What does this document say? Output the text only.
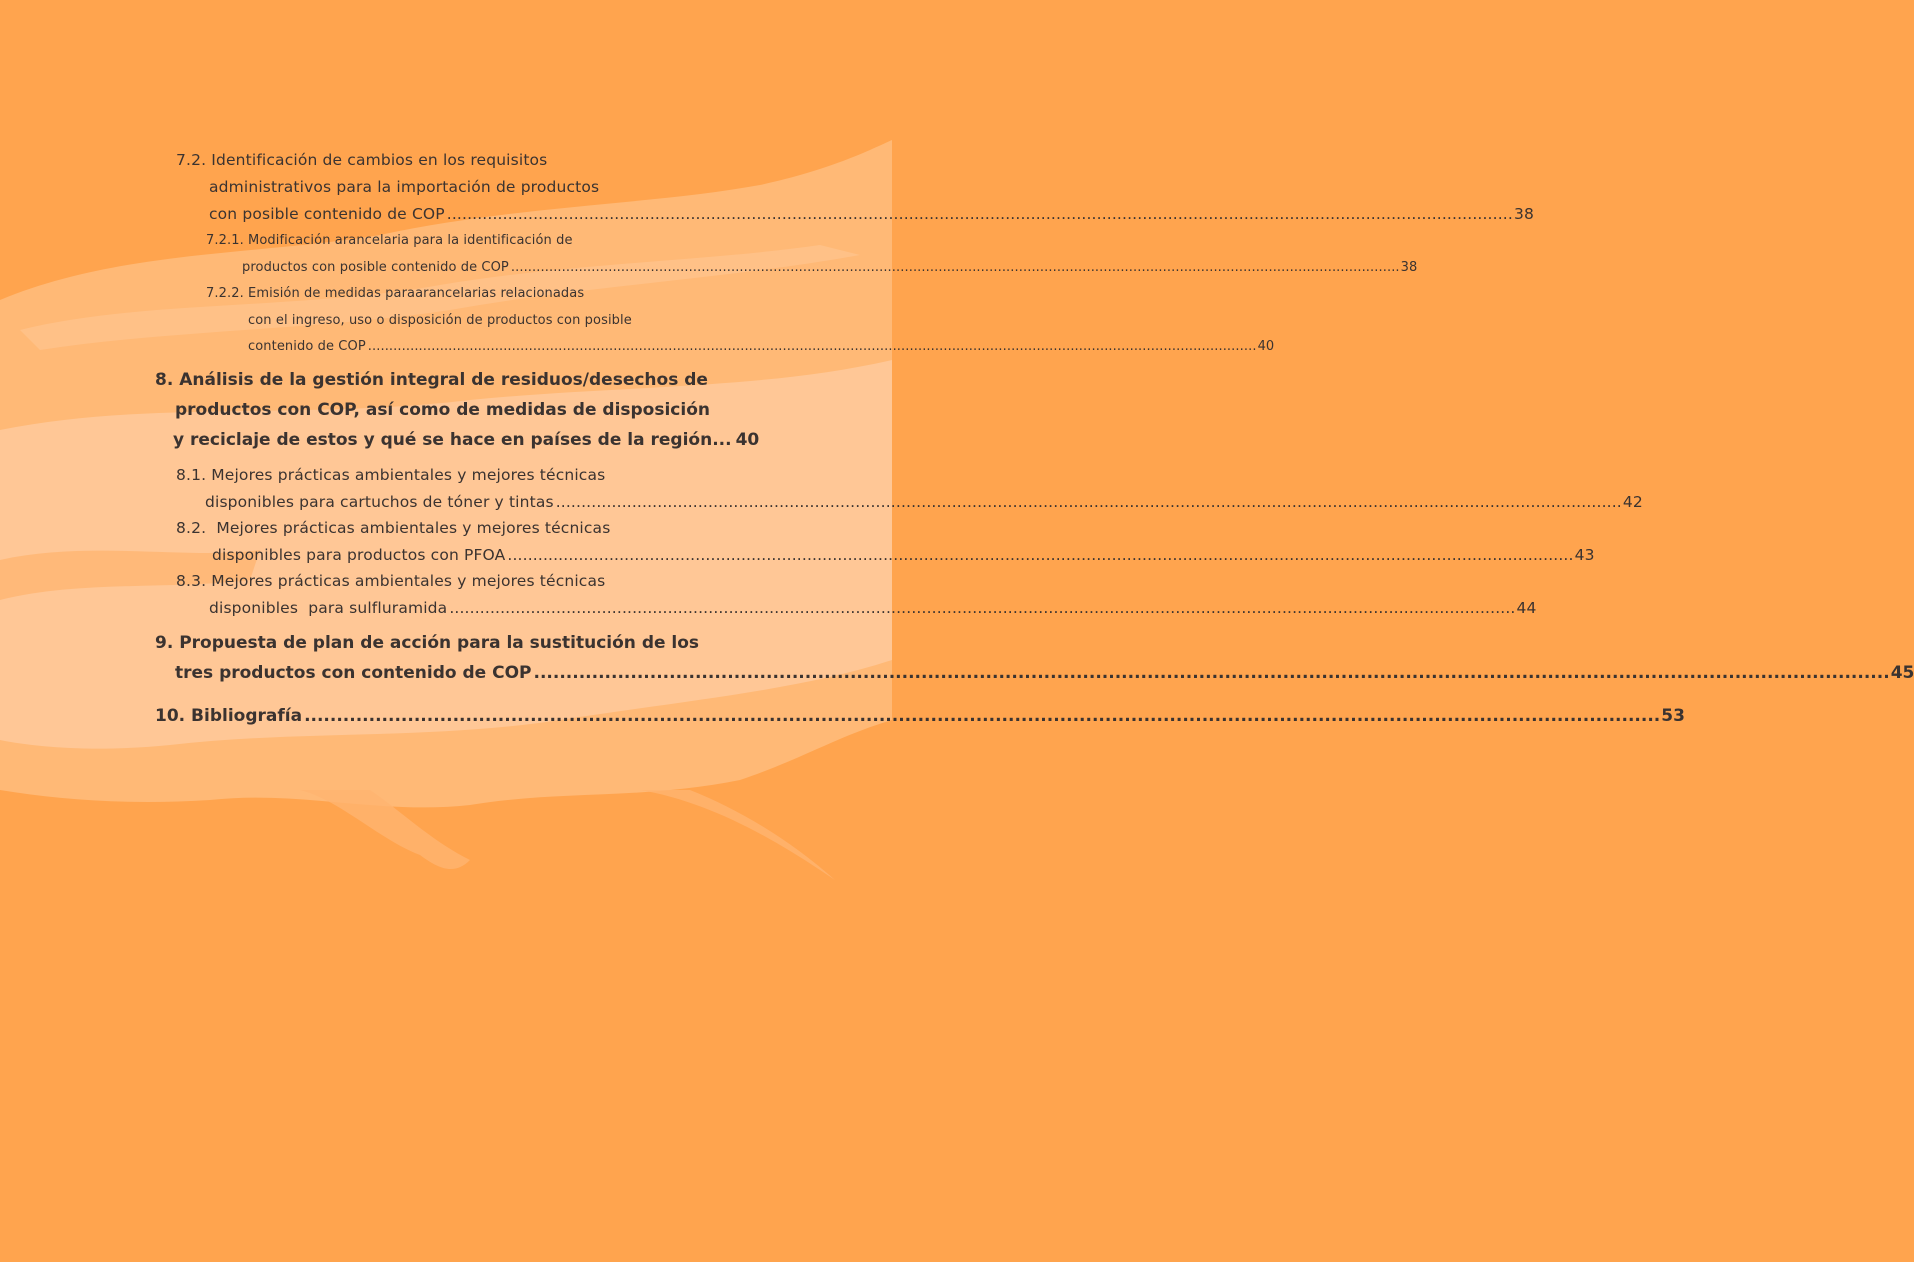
7.2. Identificación de cambios en los requisitos
administrativos para la importación de productos
con posible contenido de COP .....	38
7.2.1. Modificación arancelaria para la identificación de
productos con posible contenido de COP .....	38
7.2.2. Emisión de medidas paraarancelarias relacionadas
con el ingreso, uso o disposición de productos con posible
contenido de COP .....	40
8. Análisis de la gestión integral de residuos/desechos de
productos con COP, así como de medidas de disposición
y reciclaje de estos y qué se hace en países de la región... 40
8.1. Mejores prácticas ambientales y mejores técnicas
disponibles para cartuchos de tóner y tintas .....	42
8.2. Mejores prácticas ambientales y mejores técnicas
disponibles para productos con PFOA .....	43
8.3. Mejores prácticas ambientales y mejores técnicas
disponibles  para sulfluramida .....	44
9. Propuesta de plan de acción para la sustitución de los
tres productos con contenido de COP .....	45
10. Bibliografía .....	53
